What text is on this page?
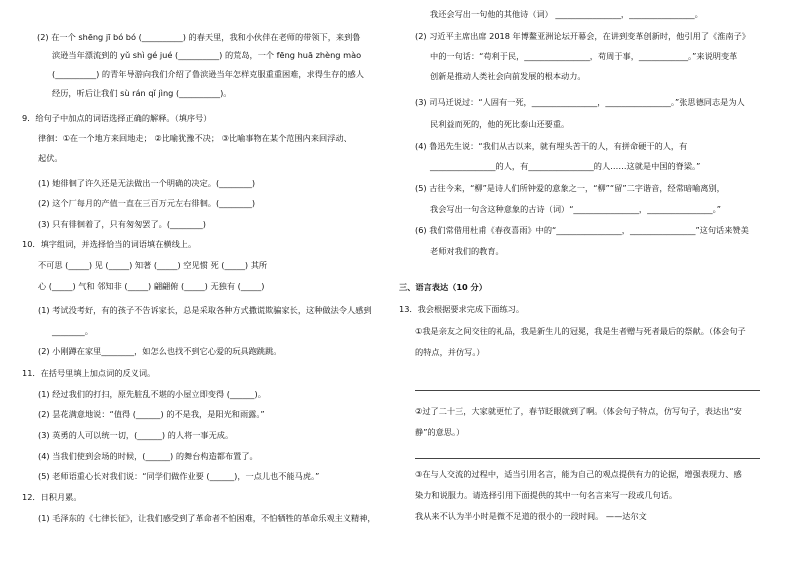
(2) 在一个 shēng jī bó bó (__________) 的春天里，我和小伙伴在老师的带领下，来到鲁
滨逊当年漂流到的 yǔ shì gé jué (__________) 的荒岛，一个 fēng huā zhèng mào
(__________) 的青年导游向我们介绍了鲁滨逊当年怎样克服重重困难，求得生存的感人
经历，听后让我们 sù rán qǐ jìng (__________)。
9．给句子中加点的词语选择正确的解释。（填序号）
律徊：①在一个地方来回地走； ②比喻犹豫不决； ③比喻事物在某个范围内来回浮动、
起伏。
(1) 她徘徊了许久还是无法做出一个明确的决定。(________)
(2) 这个厂每月的产值一直在三百万元左右徘徊。(________)
(3) 只有徘徊着了，只有匆匆罢了。(________)
10．填字组词，并选择恰当的词语填在横线上。
不可思 (_____) 见 (_____) 知著 (_____) 空见惯 死 (_____) 其所
心 (_____) 气和 邻知非 (_____) 翩翩俯 (_____) 无独有 (_____)
(1) 考试没考好，有的孩子不告诉家长，总是采取各种方式撒谎欺骗家长，这种做法令人感到
________。
(2) 小刚蹲在家里________，如怎么也找不到它心爱的玩具跑跳跳。
11．在括号里填上加点词的反义词。
(1) 经过我们的打扫，原先脏乱不堪的小屋立即变得 (______)。
(2) 昙花满意地说：“值得 (______) 的不是我，是阳光和雨露。”
(3) 英勇的人可以统一切，(______) 的人将一事无成。
(4) 当我们使到会场的时候，(______) 的舞台构造都布置了。
(5) 老师语重心长对我们说：“同学们做作业要 (______)，一点儿也不能马虎。”
12．日积月累。
(1) 毛泽东的《七律长征》，让我们感受到了革命者不怕困难，不怕牺牲的革命乐观主义精神，
我还会写出一句他的其他诗（词） ________________，________________。
(2) 习近平主席出席 2018 年博鳌亚洲论坛开幕会，在讲到变革创新时，他引用了《淮南子》
中的一句话：“苟利于民，________________，苟周于事，____________。”来说明变革
创新是推动人类社会向前发展的根本动力。
(3) 司马迁说过：“人固有一死，________________，________________。”张思德同志是为人
民利益而死的，他的死比泰山还要重。
(4) 鲁迅先生说：“我们从古以来，就有埋头苦干的人，有拼命硬干的人，有
________________的人，有________________的人……这就是中国的脊梁。”
(5) 古往今来，“柳”是诗人们所钟爱的意象之一，“柳”“留”二字谐音，经常暗喻离别，
我会写出一句含这种意象的古诗（词）“________________，________________。”
(6) 我们常借用杜甫《春夜喜雨》中的“________________，________________”这句话来赞美
老师对我们的教育。
三、语言表达（10 分）
13．我会根据要求完成下面练习。
①我是亲友之间交往的礼品，我是新生儿的冠冕，我是生者赠与死者最后的祭献。（体会句子
的特点，并仿写。）
②过了二十三，大家就更忙了，春节眨眼就到了啊。（体会句子特点，仿写句子，表达出“安
静”的意思。）
③在与人交流的过程中，适当引用名言，能为自己的观点提供有力的论据，增强表现力、感
染力和说服力。请选择引用下面提供的其中一句名言来写一段或几句话。
我从来不认为半小时是微不足道的很小的一段时间。 ——达尔文
